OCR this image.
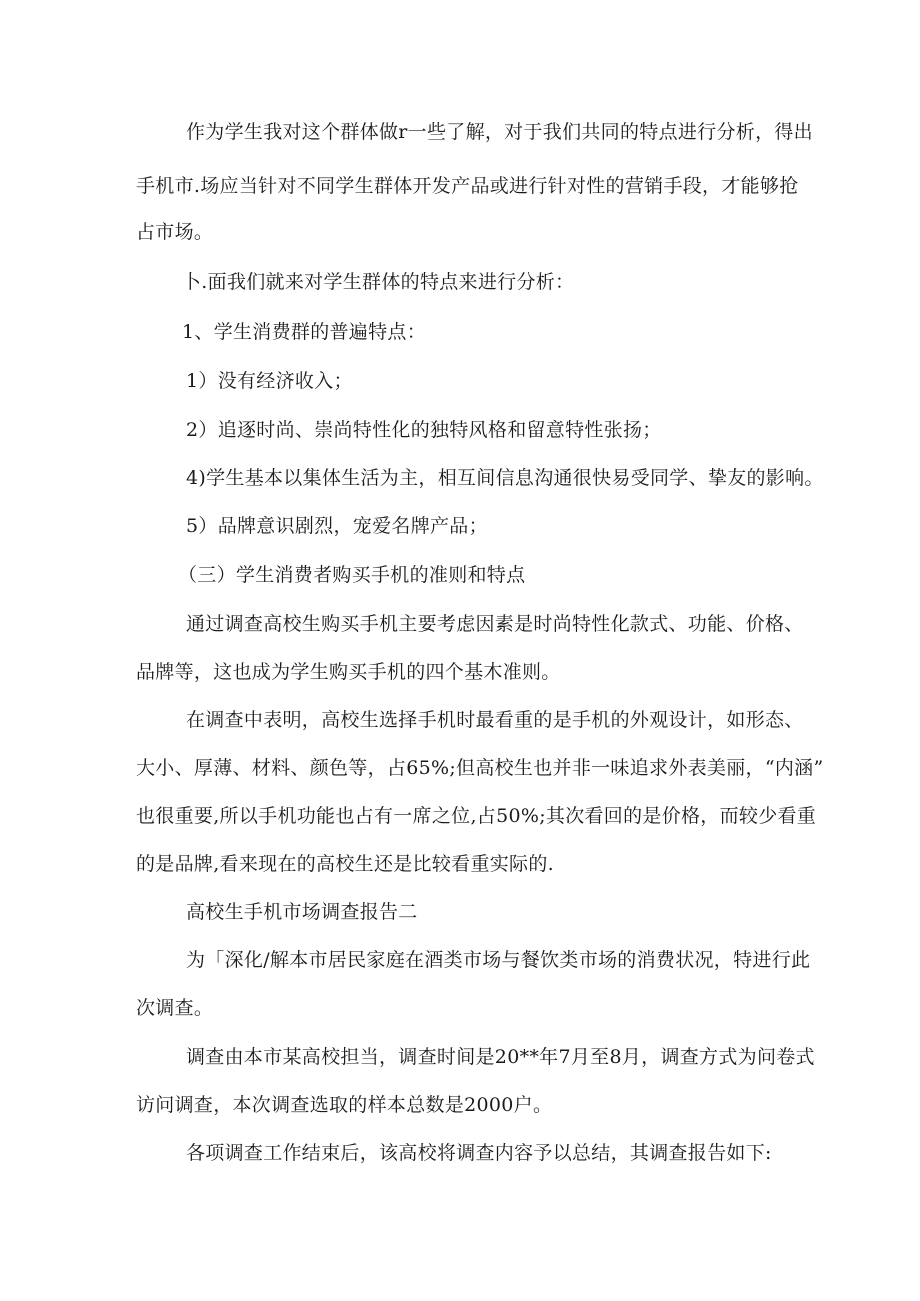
作为学生我对这个群体做r一些了解，对于我们共同的特点进行分析，得出
手机市.场应当针对不同学生群体开发产品或进行针对性的营销手段，才能够抢
占市场。
卜.面我们就来对学生群体的特点来进行分析：
1、学生消费群的普遍特点：
1）没有经济收入；
2）追逐时尚、崇尚特性化的独特风格和留意特性张扬；
4)学生基本以集体生活为主，相互间信息沟通很快易受同学、挚友的影响。
5）品牌意识剧烈，宠爱名牌产品；
（三）学生消费者购买手机的准则和特点
通过调查高校生购买手机主要考虑因素是时尚特性化款式、功能、价格、
品牌等，这也成为学生购买手机的四个基木准则。
在调查中表明，高校生选择手机时最看重的是手机的外观设计，如形态、
大小、厚薄、材料、颜色等，占65%;但高校生也并非一味追求外表美丽，“内涵”
也很重要,所以手机功能也占有一席之位,占50%;其次看回的是价格，而较少看重
的是品牌,看来现在的高校生还是比较看重实际的.
高校生手机市场调查报告二
为「深化/解本市居民家庭在酒类市场与餐饮类市场的消费状况，特进行此
次调查。
调查由本市某高校担当，调查时间是20**年7月至8月，调查方式为问卷式
访问调查，本次调查选取的样本总数是2000户。
各项调查工作结束后，该高校将调查内容予以总结，其调查报告如下:
